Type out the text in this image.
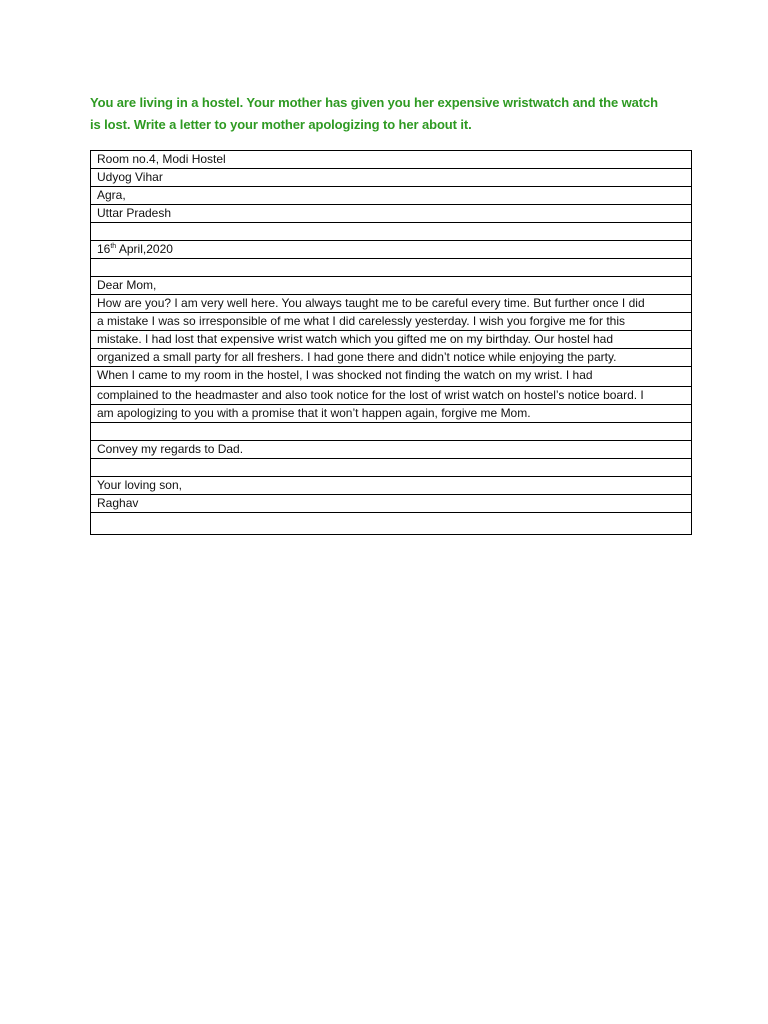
You are living in a hostel. Your mother has given you her expensive wristwatch and the watch
is lost. Write a letter to your mother apologizing to her about it.
Room no.4, Modi Hostel
Udyog Vihar
Agra,
Uttar Pradesh
16th April,2020
Dear Mom,
How are you? I am very well here. You always taught me to be careful every time. But further once I did
a mistake I was so irresponsible of me what I did carelessly yesterday. I wish you forgive me for this
mistake. I had lost that expensive wrist watch which you gifted me on my birthday. Our hostel had
organized a small party for all freshers. I had gone there and didn’t notice while enjoying the party.
When I came to my room in the hostel, I was shocked not finding the watch on my wrist. I had
complained to the headmaster and also took notice for the lost of wrist watch on hostel’s notice board. I
am apologizing to you with a promise that it won’t happen again, forgive me Mom.
Convey my regards to Dad.
Your loving son,
Raghav
